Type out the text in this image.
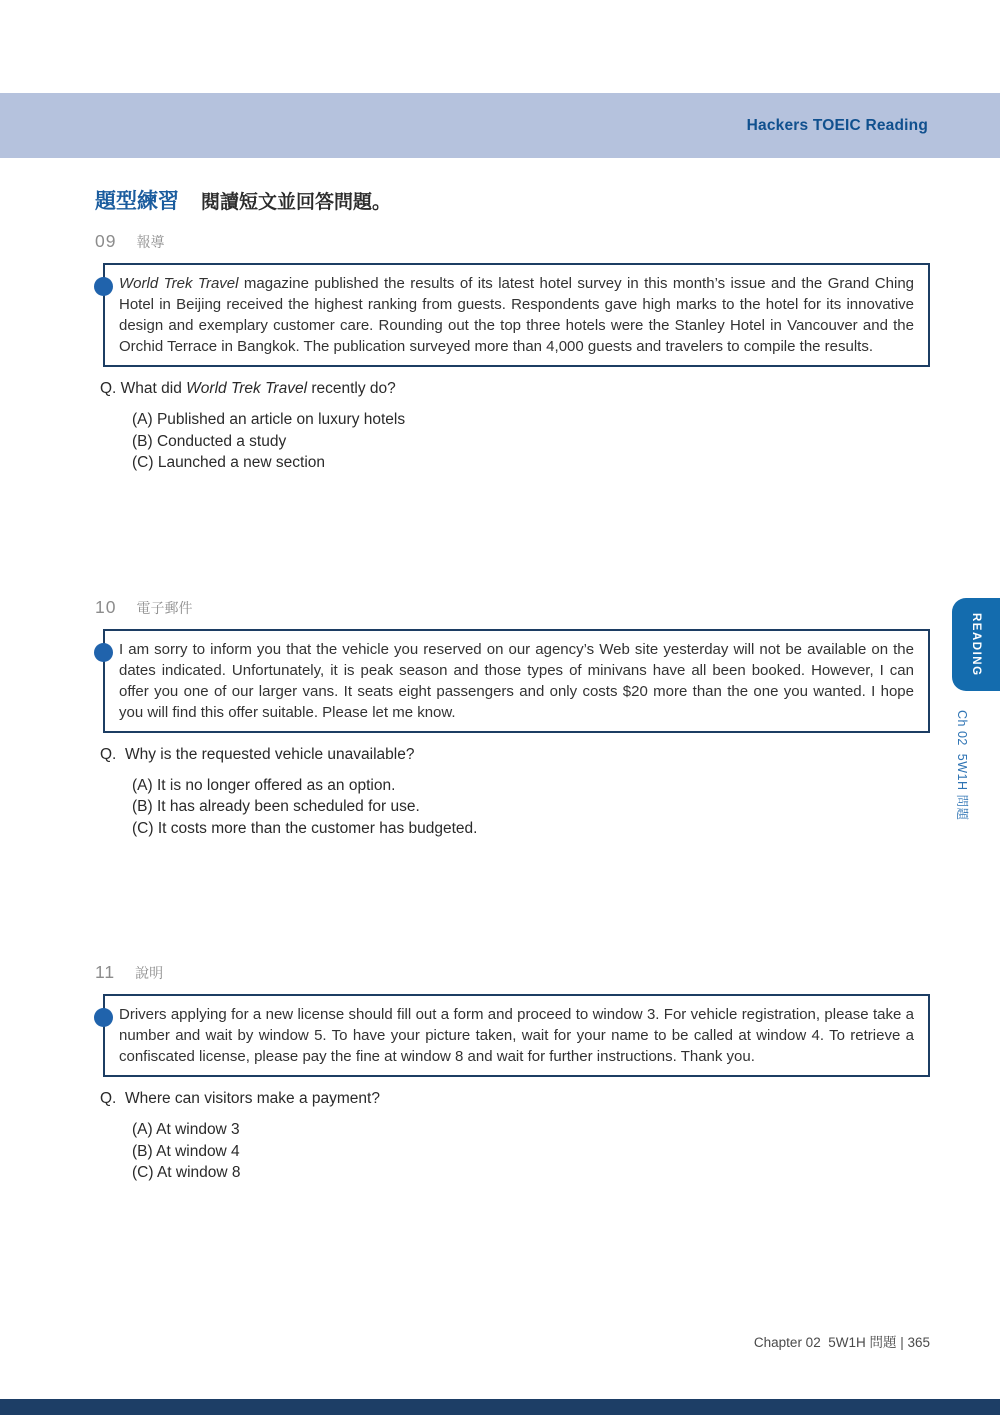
Hackers TOEIC Reading
題型練習 閱讀短文並回答問題。
09 報導

World Trek Travel magazine published the results of its latest hotel survey in this month’s issue and the Grand Ching Hotel in Beijing received the highest ranking from guests. Respondents gave high marks to the hotel for its innovative design and exemplary customer care. Rounding out the top three hotels were the Stanley Hotel in Vancouver and the Orchid Terrace in Bangkok. The publication surveyed more than 4,000 guests and travelers to compile the results.

Q. What did World Trek Travel recently do?

(A) Published an article on luxury hotels
(B) Conducted a study
(C) Launched a new section
10 電子郵件

I am sorry to inform you that the vehicle you reserved on our agency’s Web site yesterday will not be available on the dates indicated. Unfortunately, it is peak season and those types of minivans have all been booked. However, I can offer you one of our larger vans. It seats eight passengers and only costs $20 more than the one you wanted. I hope you will find this offer suitable. Please let me know.

Q.  Why is the requested vehicle unavailable?

(A) It is no longer offered as an option.
(B) It has already been scheduled for use.
(C) It costs more than the customer has budgeted.
11 說明

Drivers applying for a new license should fill out a form and proceed to window 3. For vehicle registration, please take a number and wait by window 5. To have your picture taken, wait for your name to be called at window 4. To retrieve a confiscated license, please pay the fine at window 8 and wait for further instructions. Thank you.

Q.  Where can visitors make a payment?

(A) At window 3
(B) At window 4
(C) At window 8
READING
Ch 02  5W1H 問題
Chapter 02  5W1H 問題 | 365
